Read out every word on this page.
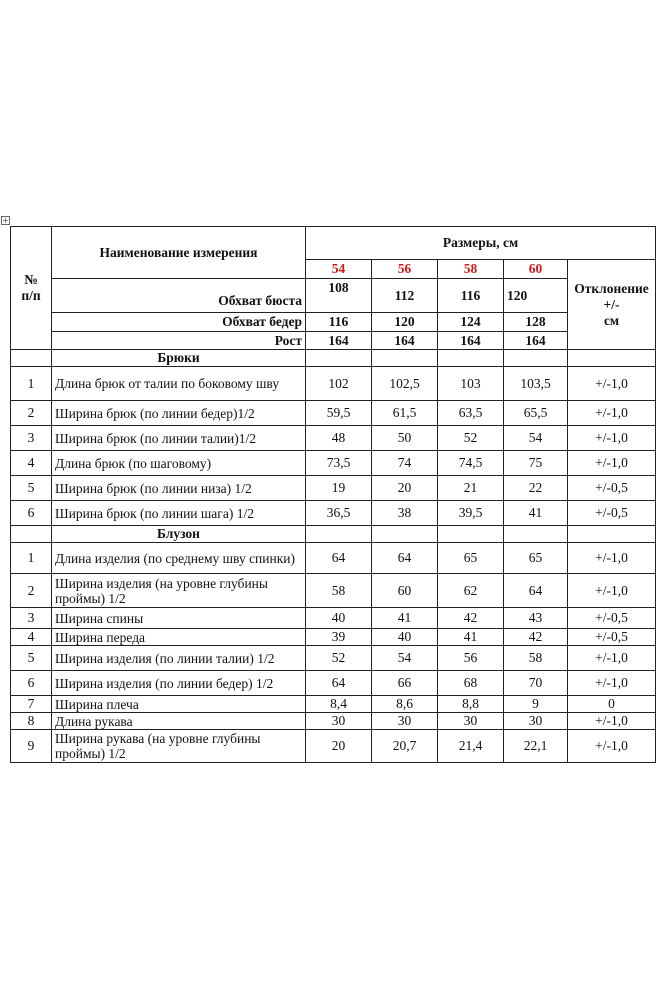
+
№
п/п	Наименование измерения	Размеры, см				
		54	56	58	60	Отклонение
+/-
см
	Обхват бюста	108	112	116	120	
	Обхват бедер	116	120	124	128	
	Рост	164	164	164	164	
	Брюки					
1	Длина брюк от талии по боковому шву	102	102,5	103	103,5	+/-1,0
2	Ширина брюк (по линии бедер)1/2	59,5	61,5	63,5	65,5	+/-1,0
3	Ширина брюк (по линии талии)1/2	48	50	52	54	+/-1,0
4	Длина брюк (по шаговому)	73,5	74	74,5	75	+/-1,0
5	Ширина брюк (по линии низа) 1/2	19	20	21	22	+/-0,5
6	Ширина брюк (по линии шага) 1/2	36,5	38	39,5	41	+/-0,5
	Блузон					
1	Длина изделия (по среднему шву спинки)	64	64	65	65	+/-1,0
2	Ширина изделия (на уровне глубины проймы) 1/2	58	60	62	64	+/-1,0
3	Ширина спины	40	41	42	43	+/-0,5
4	Ширина переда	39	40	41	42	+/-0,5
5	Ширина изделия (по линии талии) 1/2	52	54	56	58	+/-1,0
6	Ширина изделия (по линии бедер) 1/2	64	66	68	70	+/-1,0
7	Ширина плеча	8,4	8,6	8,8	9	0
8	Длина рукава	30	30	30	30	+/-1,0
9	Ширина рукава (на уровне глубины проймы) 1/2	20	20,7	21,4	22,1	+/-1,0
